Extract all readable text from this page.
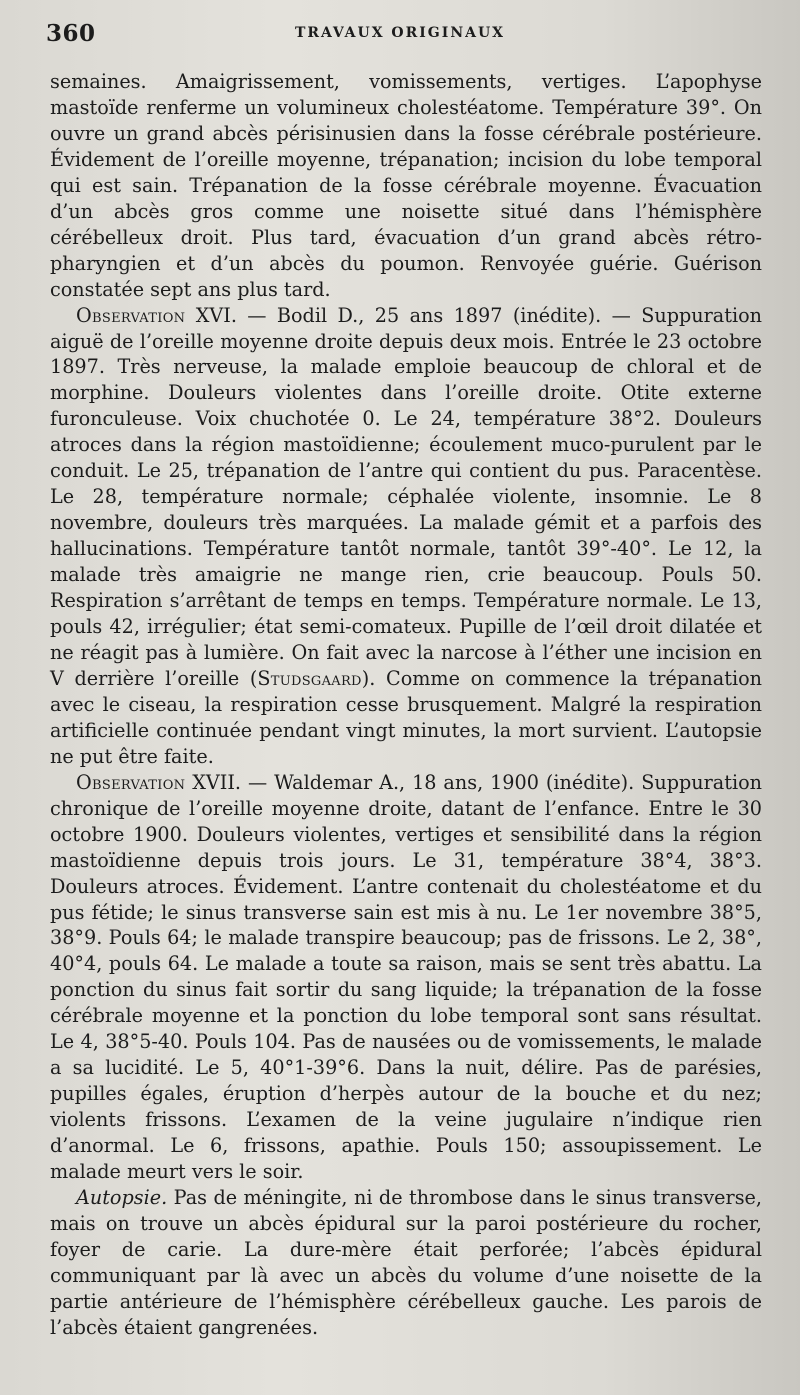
360	TRAVAUX ORIGINAUX

semaines. Amaigrissement, vomissements, vertiges. L’apophyse mastoïde renferme un volumineux cholestéatome. Température 39°. On ouvre un grand abcès périsinusien dans la fosse cérébrale postérieure. Évidement de l’oreille moyenne, trépanation; incision du lobe temporal qui est sain. Trépanation de la fosse cérébrale moyenne. Évacuation d’un abcès gros comme une noisette situé dans l’hémisphère cérébelleux droit. Plus tard, évacuation d’un grand abcès rétro-pharyngien et d’un abcès du poumon. Renvoyée guérie. Guérison constatée sept ans plus tard.

Observation XVI. — Bodil D., 25 ans 1897 (inédite). — Suppuration aiguë de l’oreille moyenne droite depuis deux mois. Entrée le 23 octobre 1897. Très nerveuse, la malade emploie beaucoup de chloral et de morphine. Douleurs violentes dans l’oreille droite. Otite externe furonculeuse. Voix chuchotée 0. Le 24, température 38°2. Douleurs atroces dans la région mastoïdienne; écoulement muco-purulent par le conduit. Le 25, trépanation de l’antre qui contient du pus. Paracentèse. Le 28, température normale; céphalée violente, insomnie. Le 8 novembre, douleurs très marquées. La malade gémit et a parfois des hallucinations. Température tantôt normale, tantôt 39°-40°. Le 12, la malade très amaigrie ne mange rien, crie beaucoup. Pouls 50. Respiration s’arrêtant de temps en temps. Température normale. Le 13, pouls 42, irrégulier; état semi-comateux. Pupille de l’œil droit dilatée et ne réagit pas à lumière. On fait avec la narcose à l’éther une incision en V derrière l’oreille (Studsgaard). Comme on commence la trépanation avec le ciseau, la respiration cesse brusquement. Malgré la respiration artificielle continuée pendant vingt minutes, la mort survient. L’autopsie ne put être faite.

Observation XVII. — Waldemar A., 18 ans, 1900 (inédite). Suppuration chronique de l’oreille moyenne droite, datant de l’enfance. Entre le 30 octobre 1900. Douleurs violentes, vertiges et sensibilité dans la région mastoïdienne depuis trois jours. Le 31, température 38°4, 38°3. Douleurs atroces. Évidement. L’antre contenait du cholestéatome et du pus fétide; le sinus transverse sain est mis à nu. Le 1er novembre 38°5, 38°9. Pouls 64; le malade transpire beaucoup; pas de frissons. Le 2, 38°, 40°4, pouls 64. Le malade a toute sa raison, mais se sent très abattu. La ponction du sinus fait sortir du sang liquide; la trépanation de la fosse cérébrale moyenne et la ponction du lobe temporal sont sans résultat. Le 4, 38°5-40. Pouls 104. Pas de nausées ou de vomissements, le malade a sa lucidité. Le 5, 40°1-39°6. Dans la nuit, délire. Pas de parésies, pupilles égales, éruption d’herpès autour de la bouche et du nez; violents frissons. L’examen de la veine jugulaire n’indique rien d’anormal. Le 6, frissons, apathie. Pouls 150; assoupissement. Le malade meurt vers le soir.

Autopsie. Pas de méningite, ni de thrombose dans le sinus transverse, mais on trouve un abcès épidural sur la paroi postérieure du rocher, foyer de carie. La dure-mère était perforée; l’abcès épidural communiquant par là avec un abcès du volume d’une noisette de la partie antérieure de l’hémisphère cérébelleux gauche. Les parois de l’abcès étaient gangrenées.
